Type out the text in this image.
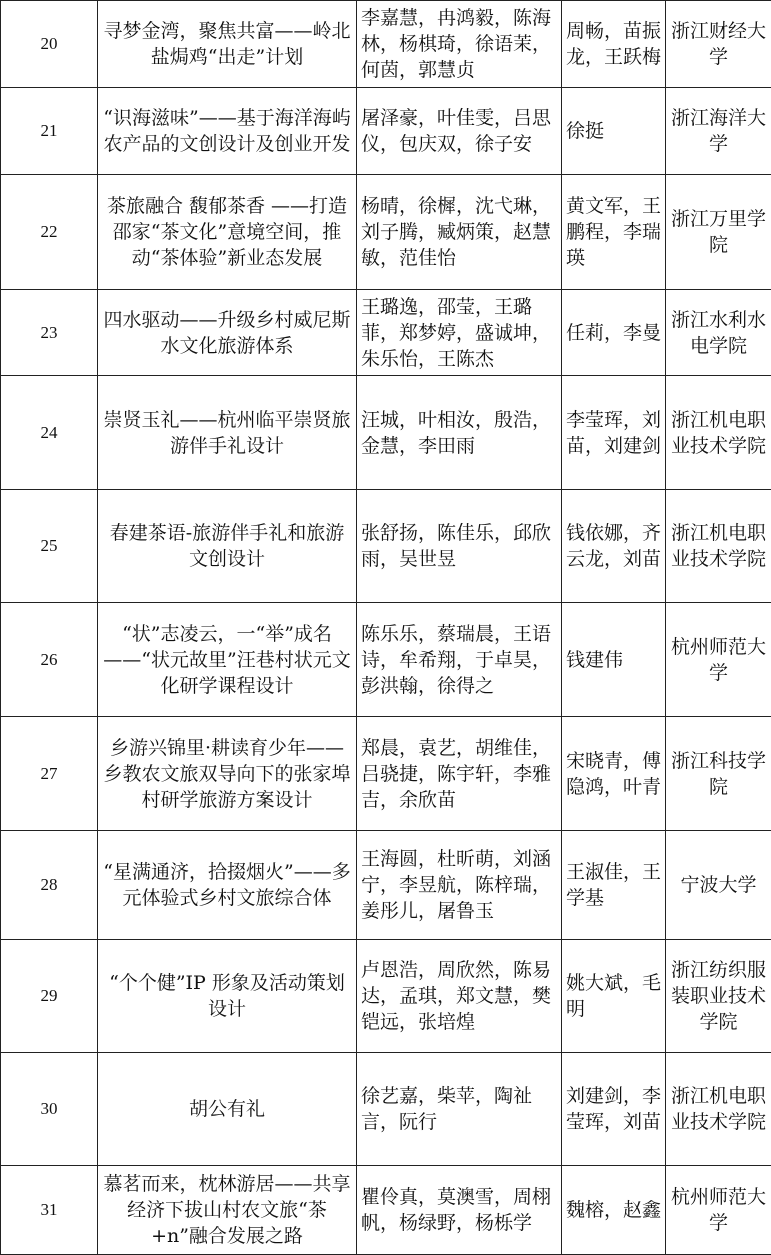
20	寻梦金湾，聚焦共富——岭北盐焗鸡“出走”计划	李嘉慧，冉鸿毅，陈海林，杨棋琦，徐语茉，何茵，郭慧贞	周畅，苗振龙，王跃梅	浙江财经大学

21	“识海滋味”——基于海洋海屿农产品的文创设计及创业开发	屠泽豪，叶佳雯，吕思仪，包庆双，徐子安	徐挺	浙江海洋大学

22	茶旅融合 馥郁茶香 ——打造邵家“茶文化”意境空间，推动“茶体验”新业态发展	杨晴，徐樨，沈弋琳，刘子腾，臧炳策，赵慧敏，范佳怡	黄文军，王鹏程，李瑞瑛	浙江万里学院

23	四水驱动——升级乡村威尼斯水文化旅游体系	王璐逸，邵莹，王璐菲，郑梦婷，盛诚坤，朱乐怡，王陈杰	任莉，李曼	浙江水利水电学院

24	崇贤玉礼——杭州临平崇贤旅游伴手礼设计	汪城，叶相汝，殷浩，金慧，李田雨	李莹珲，刘苗，刘建剑	浙江机电职业技术学院

25	春建茶语-旅游伴手礼和旅游文创设计	张舒扬，陈佳乐，邱欣雨，吴世昱	钱依娜，齐云龙，刘苗	浙江机电职业技术学院

26	“状”志凌云，一“举”成名 ——“状元故里”汪巷村状元文化研学课程设计	陈乐乐，蔡瑞晨，王语诗，牟希翔，于卓昊，彭洪翰，徐得之	钱建伟	杭州师范大学

27	乡游兴锦里·耕读育少年——乡教农文旅双导向下的张家埠村研学旅游方案设计	郑晨，袁艺，胡维佳，吕骁捷，陈宇轩，李雅吉，余欣苗	宋晓青，傅隐鸿，叶青	浙江科技学院

28	“星满通济，拾掇烟火”——多元体验式乡村文旅综合体	王海圆，杜昕萌，刘涵宁，李昱航，陈梓瑞，姜彤儿，屠鲁玉	王淑佳，王学基	宁波大学

29	“个个健”IP 形象及活动策划设计	卢恩浩，周欣然，陈易达，孟琪，郑文慧，樊铠远，张培煌	姚大斌，毛明	浙江纺织服装职业技术学院

30	胡公有礼	徐艺嘉，柴苹，陶祉言，阮行	刘建剑，李莹珲，刘苗	浙江机电职业技术学院

31	慕茗而来，枕林游居——共享经济下拔山村农文旅“茶+n”融合发展之路	瞿伶真，莫澳雪，周栩帆，杨绿野，杨栎学	魏榕，赵鑫	杭州师范大学
